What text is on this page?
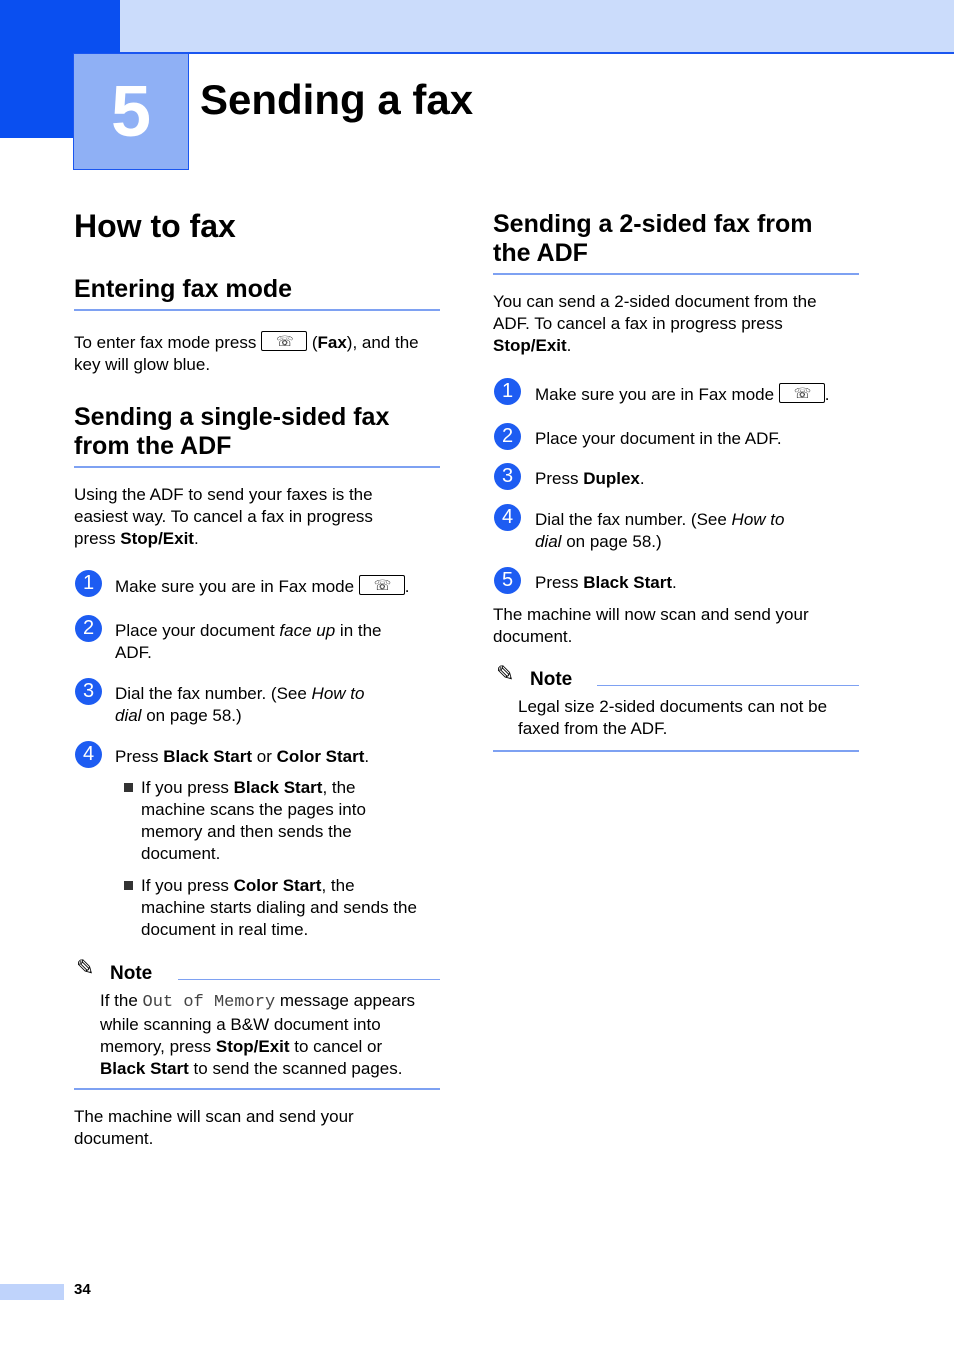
5	Sending a fax
How to fax
Entering fax mode
To enter fax mode press ☏ (Fax), and the
key will glow blue.
Sending a single-sided fax
from the ADF
Using the ADF to send your faxes is the
easiest way. To cancel a fax in progress
press Stop/Exit.
1	Make sure you are in Fax mode ☏ .
2	Place your document face up in the
ADF.
3	Dial the fax number. (See How to
dial on page 58.)
4	Press Black Start or Color Start.
If you press Black Start, the
machine scans the pages into
memory and then sends the
document.
If you press Color Start, the
machine starts dialing and sends the
document in real time.
✎ Note
If the Out of Memory message appears
while scanning a B&W document into
memory, press Stop/Exit to cancel or
Black Start to send the scanned pages.
The machine will scan and send your
document.
Sending a 2-sided fax from
the ADF
You can send a 2-sided document from the
ADF. To cancel a fax in progress press
Stop/Exit.
1	Make sure you are in Fax mode ☏ .
2	Place your document in the ADF.
3	Press Duplex.
4	Dial the fax number. (See How to
dial on page 58.)
5	Press Black Start.
The machine will now scan and send your
document.
✎ Note
Legal size 2-sided documents can not be
faxed from the ADF.
34
